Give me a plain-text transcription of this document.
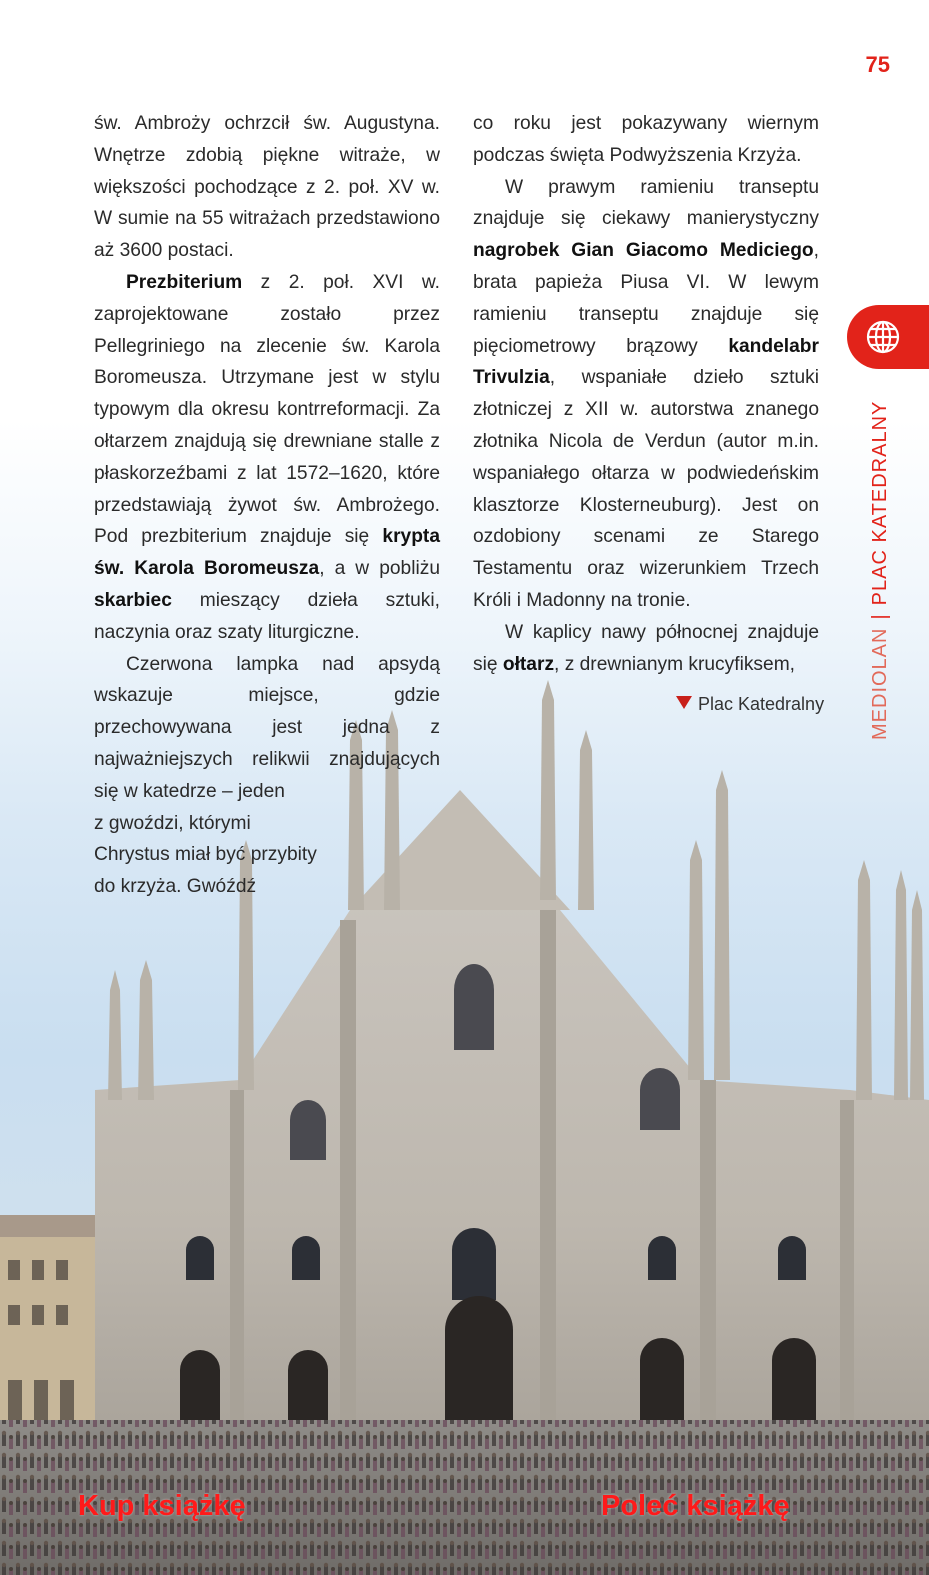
75
MEDIOLAN|PLAC KATEDRALNY

św. Ambroży ochrzcił św. Augustyna. Wnętrze zdobią piękne witraże, w większości pochodzące z 2. poł. XV w. W sumie na 55 witrażach przedstawiono aż 3600 postaci.

Prezbiterium z 2. poł. XVI w. zaprojektowane zostało przez Pellegriniego na zlecenie św. Karola Boromeusza. Utrzymane jest w stylu typowym dla okresu kontrreformacji. Za ołtarzem znajdują się drewniane stalle z płaskorzeźbami z lat 1572–1620, które przedstawiają żywot św. Ambrożego. Pod prezbiterium znajduje się krypta św. Karola Boromeusza, a w pobliżu skarbiec mieszący dzieła sztuki, naczynia oraz szaty liturgiczne.

Czerwona lampka nad apsydą wskazuje miejsce, gdzie przechowywana jest jedna z najważniejszych relikwii znajdujących się w katedrze – jeden

z gwoździ, którymi Chrystus miał być przybity

do krzyża. Gwóźdź

co roku jest pokazywany wiernym podczas święta Podwyższenia Krzyża.

W prawym ramieniu transeptu znajduje się ciekawy manierystyczny nagrobek Gian Giacomo Mediciego, brata papieża Piusa VI. W lewym ramieniu transeptu znajduje się pięciometrowy brązowy kandelabr Trivulzia, wspaniałe dzieło sztuki złotniczej z XII w. autorstwa znanego złotnika Nicola de Verdun (autor m.in. wspaniałego ołtarza w podwiedeńskim klasztorze Klosterneuburg). Jest on ozdobiony scenami ze Starego Testamentu oraz wizerunkiem Trzech Króli i Madonny na tronie.

W kaplicy nawy północnej znajduje się ołtarz, z drewnianym krucyfiksem,

Plac Katedralny
Kup książkę	Poleć książkę
